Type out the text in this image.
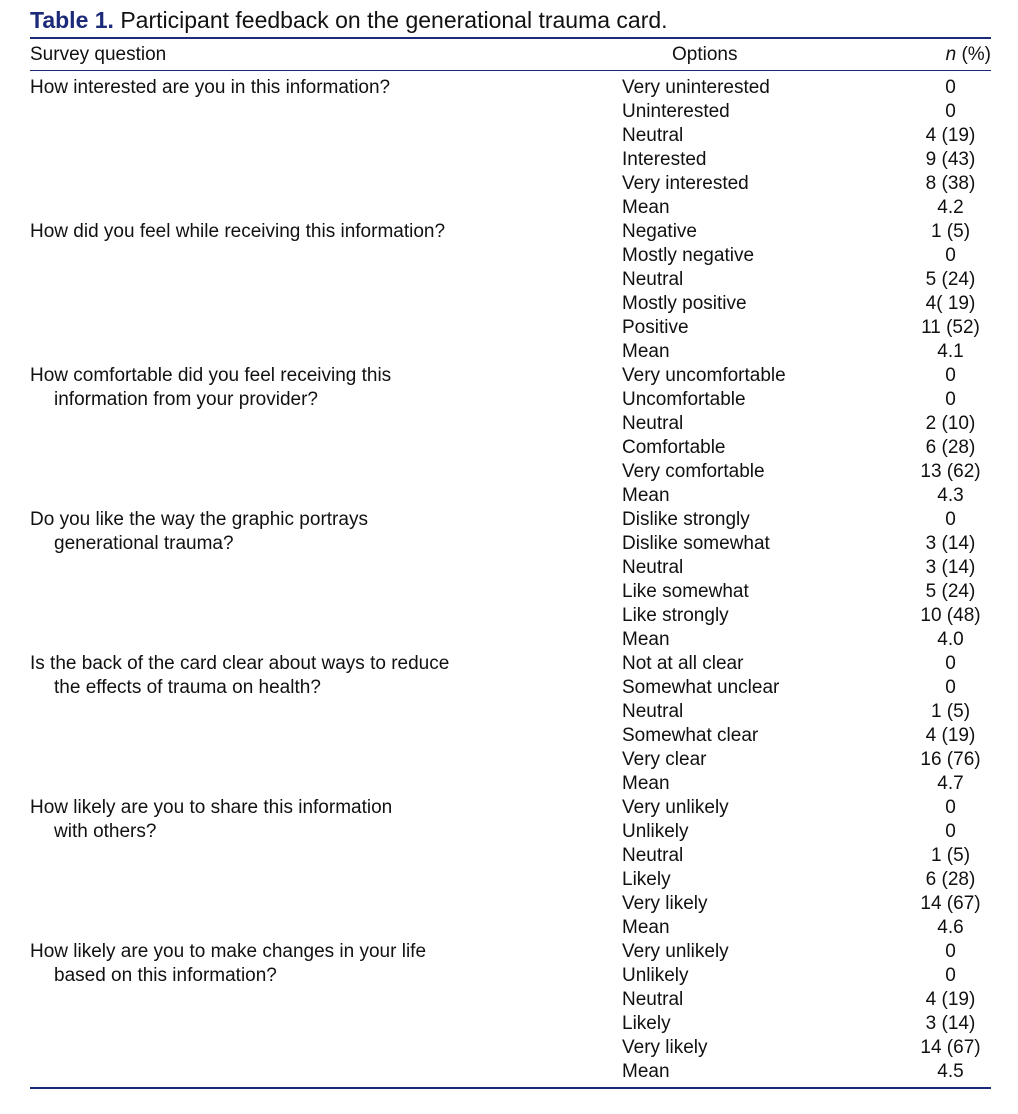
Table 1. Participant feedback on the generational trauma card.
Survey question	Options	n (%)
How interested are you in this information?	Very uninterested	0
Uninterested	0
Neutral	4 (19)
Interested	9 (43)
Very interested	8 (38)
Mean	4.2
How did you feel while receiving this information?	Negative	1 (5)
Mostly negative	0
Neutral	5 (24)
Mostly positive	4( 19)
Positive	11 (52)
Mean	4.1
How comfortable did you feel receiving this
information from your provider?
Very uncomfortable	0
Uncomfortable	0
Neutral	2 (10)
Comfortable	6 (28)
Very comfortable	13 (62)
Mean	4.3
Do you like the way the graphic portrays
generational trauma?
Dislike strongly	0
Dislike somewhat	3 (14)
Neutral	3 (14)
Like somewhat	5 (24)
Like strongly	10 (48)
Mean	4.0
Is the back of the card clear about ways to reduce
the effects of trauma on health?
Not at all clear	0
Somewhat unclear	0
Neutral	1 (5)
Somewhat clear	4 (19)
Very clear	16 (76)
Mean	4.7
How likely are you to share this information
with others?
Very unlikely	0
Unlikely	0
Neutral	1 (5)
Likely	6 (28)
Very likely	14 (67)
Mean	4.6
How likely are you to make changes in your life
based on this information?
Very unlikely	0
Unlikely	0
Neutral	4 (19)
Likely	3 (14)
Very likely	14 (67)
Mean	4.5
